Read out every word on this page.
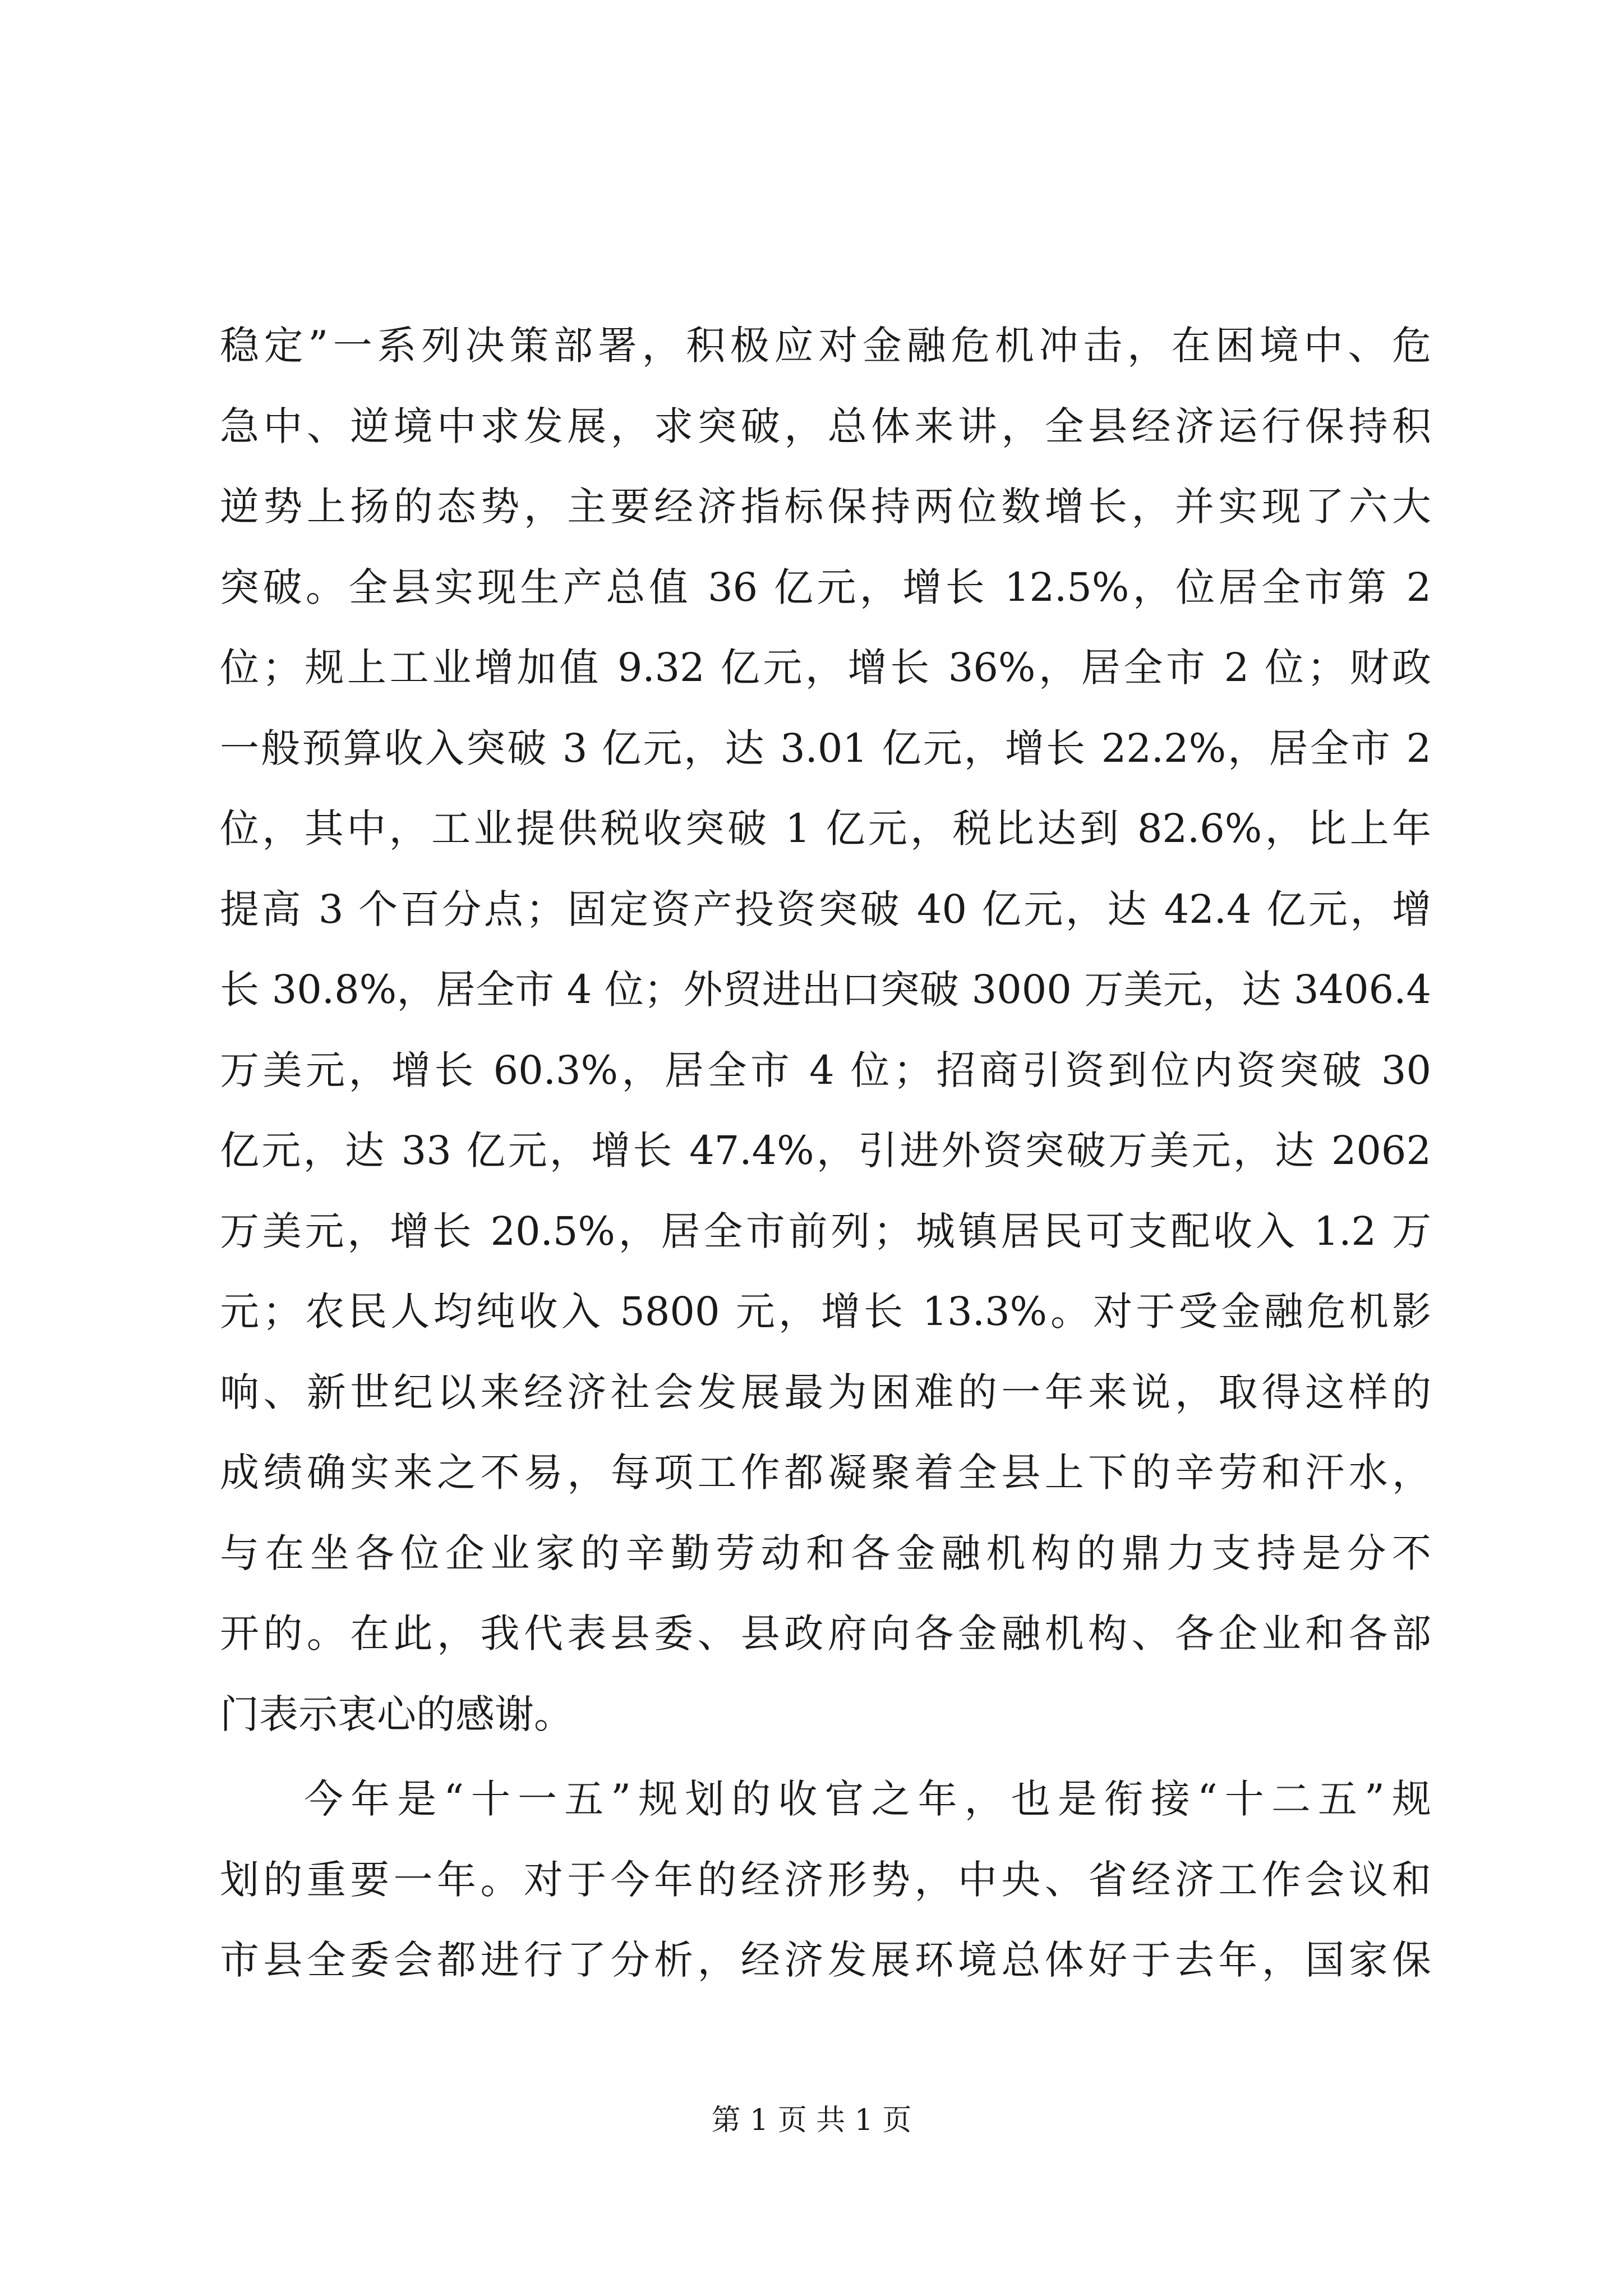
稳定”一系列决策部署，积极应对金融危机冲击，在困境中、危
急中、逆境中求发展，求突破，总体来讲，全县经济运行保持积
逆势上扬的态势，主要经济指标保持两位数增长，并实现了六大
突破。全县实现生产总值 36 亿元，增长 12.5%，位居全市第 2
位；规上工业增加值 9.32 亿元，增长 36%，居全市 2 位；财政
一般预算收入突破 3 亿元，达 3.01 亿元，增长 22.2%，居全市 2
位，其中，工业提供税收突破 1 亿元，税比达到 82.6%，比上年
提高 3 个百分点；固定资产投资突破 40 亿元，达 42.4 亿元，增
长 30.8%，居全市 4 位；外贸进出口突破 3000 万美元，达 3406.4
万美元，增长 60.3%，居全市 4 位；招商引资到位内资突破 30
亿元，达 33 亿元，增长 47.4%，引进外资突破万美元，达 2062
万美元，增长 20.5%，居全市前列；城镇居民可支配收入 1.2 万
元；农民人均纯收入 5800 元，增长 13.3%。对于受金融危机影
响、新世纪以来经济社会发展最为困难的一年来说，取得这样的
成绩确实来之不易，每项工作都凝聚着全县上下的辛劳和汗水，
与在坐各位企业家的辛勤劳动和各金融机构的鼎力支持是分不
开的。在此，我代表县委、县政府向各金融机构、各企业和各部
门表示衷心的感谢。
今年是“十一五”规划的收官之年，也是衔接“十二五”规
划的重要一年。对于今年的经济形势，中央、省经济工作会议和
市县全委会都进行了分析，经济发展环境总体好于去年，国家保
第 1 页 共 1 页
